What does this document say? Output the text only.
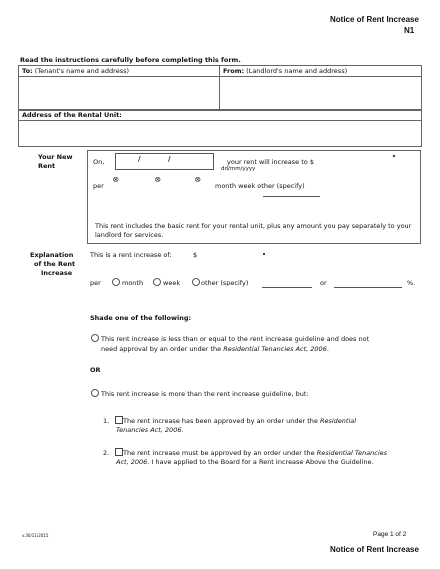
Notice of Rent Increase
N1
Read the instructions carefully before completing this form.
To: (Tenant's name and address)	From: (Landlord's name and address)
Address of the Rental Unit:
Your New
Rent	On,	/	/	your rent will increase to $
dd/mm/yyyy
per
⭙	⭙	⭙
month week other (specify)
This rent includes the basic rent for your rental unit, plus any amount you pay separately to your landlord for services.
Explanation
of the Rent
Increase
This is a rent increase of:	$
per	month	week	other (specify)	or	%.
Shade one of the following:
This rent increase is less than or equal to the rent increase guideline and does not
need approval by an order under the Residential Tenancies Act, 2006.
OR
This rent increase is more than the rent increase guideline, but:
1. The rent increase has been approved by an order under the Residential
Tenancies Act, 2006.
2. The rent increase must be approved by an order under the Residential Tenancies
Act, 2006. I have applied to the Board for a Rent Increase Above the Guideline.
v.30/11/2015	Page 1 of 2
Notice of Rent Increase
